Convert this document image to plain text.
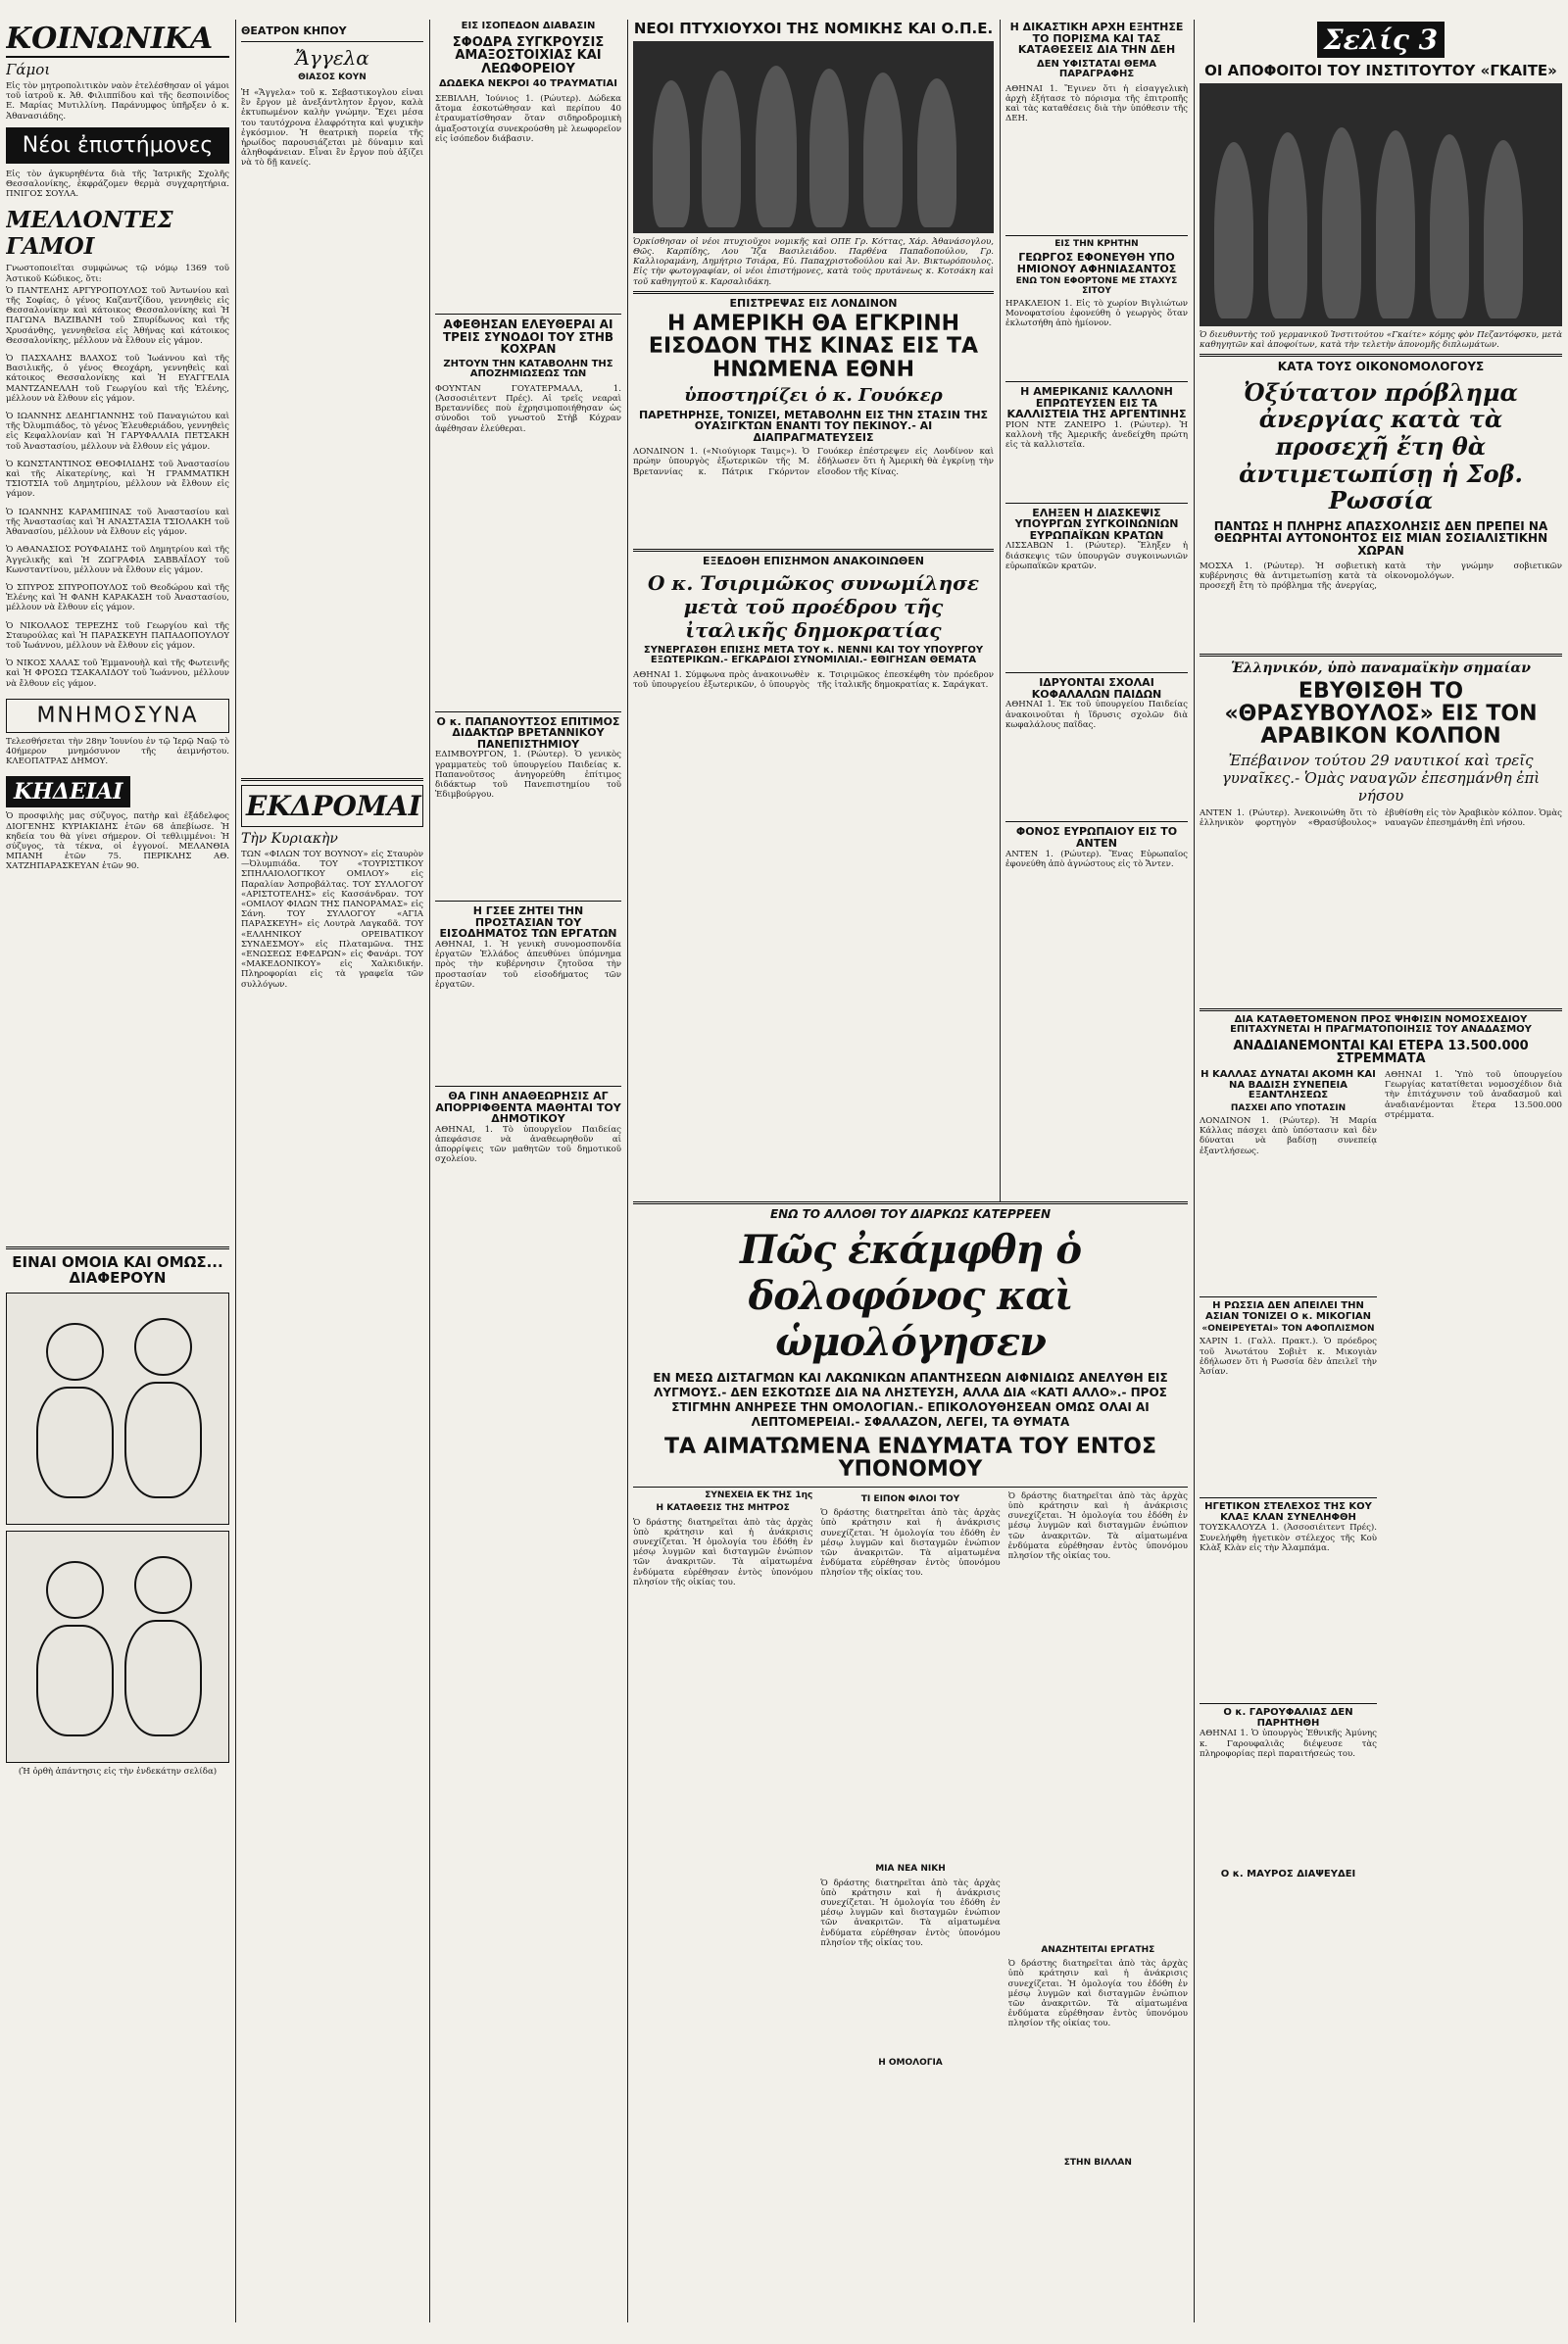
ΚΟΙΝΩΝΙΚΑ

Γάμοι

Εἰς τὸν μητροπολιτικὸν ναὸν ἐτελέσθησαν οἱ γάμοι τοῦ ἰατροῦ κ. Ἀθ. Φιλιππίδου καὶ τῆς δεσποινίδος Ε. Μαρίας Μυτιλλίνη. Παράνυμφος ὑπῆρξεν ὁ κ. Ἀθανασιάδης.

Νέοι ἐπιστήμονες

Εἰς τὸν ἀγκυρηθέντα διὰ τῆς Ἰατρικῆς Σχολῆς Θεσσαλονίκης, ἐκφράζομεν θερμὰ συγχαρητήρια. ΠΝΙΓΟΣ ΣΟΥΛΑ.

ΜΕΛΛΟΝΤΕΣ ΓΑΜΟΙ

Γνωστοποιεῖται συμφώνως τῷ νόμῳ 1369 τοῦ Ἀστικοῦ Κώδικος, ὅτι:

Ὁ ΠΑΝΤΕΛΗΣ ΑΡΓΥΡΟΠΟΥΛΟΣ τοῦ Ἀντωνίου καὶ τῆς Σοφίας, ὁ γένος Καζαντζίδου, γεννηθεὶς εἰς Θεσσαλονίκην καὶ κάτοικος Θεσσαλονίκης καὶ Ἡ ΠΑΓΩΝΑ ΒΑΖΙΒΑΝΗ τοῦ Σπυρίδωνος καὶ τῆς Χρυσάνθης, γεννηθεῖσα εἰς Ἀθήνας καὶ κάτοικος Θεσσαλονίκης, μέλλουν νὰ ἔλθουν εἰς γάμον.

Ὁ ΠΑΣΧΑΛΗΣ ΒΛΑΧΟΣ τοῦ Ἰωάννου καὶ τῆς Βασιλικῆς, ὁ γένος Θεοχάρη, γεννηθεὶς καὶ κάτοικος Θεσσαλονίκης καὶ Ἡ ΕΥΑΓΓΕΛΙΑ ΜΑΝΤΖΑΝΕΛΛΗ τοῦ Γεωργίου καὶ τῆς Ἑλένης, μέλλουν νὰ ἔλθουν εἰς γάμον.

Ὁ ΙΩΑΝΝΗΣ ΔΕΔΗΓΙΑΝΝΗΣ τοῦ Παναγιώτου καὶ τῆς Ὀλυμπιάδος, τὸ γένος Ἐλευθεριάδου, γεννηθεὶς εἰς Κεφαλλονίαν καὶ Ἡ ΓΑΡΥΦΑΛΛΙΑ ΠΕΤΣΑΚΗ τοῦ Ἀναστασίου, μέλλουν νὰ ἔλθουν εἰς γάμον.

Ὁ ΚΩΝΣΤΑΝΤΙΝΟΣ ΘΕΟΦΙΛΙΔΗΣ τοῦ Ἀναστασίου καὶ τῆς Αἰκατερίνης, καὶ Ἡ ΓΡΑΜΜΑΤΙΚΗ ΤΣΙΟΤΣΙΑ τοῦ Δημητρίου, μέλλουν νὰ ἔλθουν εἰς γάμον.

Ὁ ΙΩΑΝΝΗΣ ΚΑΡΑΜΠΙΝΑΣ τοῦ Ἀναστασίου καὶ τῆς Ἀναστασίας καὶ Ἡ ΑΝΑΣΤΑΣΙΑ ΤΣΙΟΛΑΚΗ τοῦ Ἀθανασίου, μέλλουν νὰ ἔλθουν εἰς γάμον.

Ὁ ΑΘΑΝΑΣΙΟΣ ΡΟΥΦΑΙΔΗΣ τοῦ Δημητρίου καὶ τῆς Ἀγγελικῆς καὶ Ἡ ΖΩΓΡΑΦΙΑ ΣΑΒΒΑΪΔΟΥ τοῦ Κωνσταντίνου, μέλλουν νὰ ἔλθουν εἰς γάμον.

Ὁ ΣΠΥΡΟΣ ΣΠΥΡΟΠΟΥΛΟΣ τοῦ Θεοδώρου καὶ τῆς Ἑλένης καὶ Ἡ ΦΑΝΗ ΚΑΡΑΚΑΣΗ τοῦ Ἀναστασίου, μέλλουν νὰ ἔλθουν εἰς γάμον.

Ὁ ΝΙΚΟΛΑΟΣ ΤΕΡΕΖΗΣ τοῦ Γεωργίου καὶ τῆς Σταυρούλας καὶ Ἡ ΠΑΡΑΣΚΕΥΗ ΠΑΠΑΔΟΠΟΥΛΟΥ τοῦ Ἰωάννου, μέλλουν νὰ ἔλθουν εἰς γάμον.

Ὁ ΝΙΚΟΣ ΧΑΛΑΣ τοῦ Ἐμμανουὴλ καὶ τῆς Φωτεινῆς καὶ Ἡ ΦΡΟΣΩ ΤΣΑΚΑΛΙΔΟΥ τοῦ Ἰωάννου, μέλλουν νὰ ἔλθουν εἰς γάμον.

ΜΝΗΜΟΣΥΝΑ

Τελεσθήσεται τὴν 28ην Ἰουνίου ἐν τῷ Ἱερῷ Ναῷ τὸ 40ήμερον μνημόσυνον τῆς ἀειμνήστου. ΚΛΕΟΠΑΤΡΑΣ ΔΗΜΟΥ.

ΚΗΔΕΙΑΙ

Ὁ προσφιλὴς μας σύζυγος, πατὴρ καὶ ἐξάδελφος ΔΙΟΓΕΝΗΣ ΚΥΡΙΑΚΙΔΗΣ ἐτῶν 68 ἀπεβίωσε. Ἡ κηδεία του θὰ γίνει σήμερον. Οἱ τεθλιμμένοι: Ἡ σύζυγος, τὰ τέκνα, οἱ ἐγγονοί. ΜΕΛΑΝΘΙΑ ΜΠΑΝΗ ἐτῶν 75. ΠΕΡΙΚΛΗΣ ΑΘ. ΧΑΤΖΗΠΑΡΑΣΚΕΥΑΝ ἐτῶν 90.

ΕΙΝΑΙ ΟΜΟΙΑ ΚΑΙ ΟΜΩΣ... ΔΙΑΦΕΡΟΥΝ

(Ἡ ὀρθὴ ἀπάντησις εἰς τὴν ἑνδεκάτην σελίδα)

ΘΕΑΤΡΟΝ ΚΗΠΟΥ

Ἄγγελα

ΘΙΑΣΟΣ ΚΟΥΝ

Ἡ «Ἄγγελα» τοῦ κ. Σεβαστικογλου εἶναι ἓν ἔργον μὲ ἀνεξάντλητον ἔργον, καλὰ ἐκτυπωμένον καλὴν γνώμην. Ἔχει μέσα του ταυτόχρονα ἐλαφρότητα καὶ ψυχικὴν ἐγκόσμιον. Ἡ θεατρικὴ πορεία τῆς ἡρωίδος παρουσιάζεται μὲ δύναμιν καὶ ἀληθοφάνειαν. Εἶναι ἓν ἔργον ποὺ ἀξίζει νὰ τὸ δῇ κανείς.

ΕΚΔΡΟΜΑΙ

Τὴν Κυριακὴν

ΤΩΝ «ΦΙΛΩΝ ΤΟΥ ΒΟΥΝΟΥ» εἰς Σταυρὸν—Ὀλυμπιάδα. ΤΟΥ «ΤΟΥΡΙΣΤΙΚΟΥ ΣΠΗΛΑΙΟΛΟΓΙΚΟΥ ΟΜΙΛΟΥ» εἰς Παραλίαν Ἀσπροβάλτας. ΤΟΥ ΣΥΛΛΟΓΟΥ «ΑΡΙΣΤΟΤΕΛΗΣ» εἰς Κασσάνδραν. ΤΟΥ «ΟΜΙΛΟΥ ΦΙΛΩΝ ΤΗΣ ΠΑΝΟΡΑΜΑΣ» εἰς Σάνη. ΤΟΥ ΣΥΛΛΟΓΟΥ «ΑΓΙΑ ΠΑΡΑΣΚΕΥΗ» εἰς Λουτρὰ Λαγκαδᾶ. ΤΟΥ «ΕΛΛΗΝΙΚΟΥ ΟΡΕΙΒΑΤΙΚΟΥ ΣΥΝΔΕΣΜΟΥ» εἰς Πλαταμῶνα. ΤΗΣ «ΕΝΩΣΕΩΣ ΕΦΕΔΡΩΝ» εἰς Φανάρι. ΤΟΥ «ΜΑΚΕΔΟΝΙΚΟΥ» εἰς Χαλκιδικήν. Πληροφορίαι εἰς τὰ γραφεῖα τῶν συλλόγων.

ΕΙΣ ΙΣΟΠΕΔΟΝ ΔΙΑΒΑΣΙΝ

ΣΦΟΔΡΑ ΣΥΓΚΡΟΥΣΙΣ ΑΜΑΞΟΣΤΟΙΧΙΑΣ ΚΑΙ ΛΕΩΦΟΡΕΙΟΥ

ΔΩΔΕΚΑ ΝΕΚΡΟΙ 40 ΤΡΑΥΜΑΤΙΑΙ

ΣΕΒΙΛΛΗ, Ἰούνιος 1. (Ρώυτερ). Δώδεκα ἄτομα ἐσκοτώθησαν καὶ περίπου 40 ἐτραυματίσθησαν ὅταν σιδηροδρομικὴ ἁμαξοστοιχία συνεκρούσθη μὲ λεωφορεῖον εἰς ἰσόπεδον διάβασιν.

ΑΦΕΘΗΣΑΝ ΕΛΕΥΘΕΡΑΙ ΑΙ ΤΡΕΙΣ ΣΥΝΟΔΟΙ ΤΟΥ ΣΤΗΒ ΚΟΧΡΑΝ

ΖΗΤΟΥΝ ΤΗΝ ΚΑΤΑΒΟΛΗΝ ΤΗΣ ΑΠΟΖΗΜΙΩΣΕΩΣ ΤΩΝ

ΦΟΥΝΤΑΝ ΓΟΥΑΤΕΡΜΑΛΛ, 1. (Ἀσσοσιέιτεντ Πρές). Αἱ τρεῖς νεαραὶ Βρεταννίδες ποὺ ἐχρησιμοποιήθησαν ὡς σύνοδοι τοῦ γνωστοῦ Στὴβ Κόχραν ἀφέθησαν ἐλεύθεραι.

Ο κ. ΠΑΠΑΝΟΥΤΣΟΣ ΕΠΙΤΙΜΟΣ ΔΙΔΑΚΤΩΡ ΒΡΕΤΑΝΝΙΚΟΥ ΠΑΝΕΠΙΣΤΗΜΙΟΥ

ΕΔΙΜΒΟΥΡΓΟΝ, 1. (Ρώυτερ). Ὁ γενικὸς γραμματεὺς τοῦ ὑπουργείου Παιδείας κ. Παπανοῦτσος ἀνηγορεύθη ἐπίτιμος διδάκτωρ τοῦ Πανεπιστημίου τοῦ Ἐδιμβούργου.

Η ΓΣΕΕ ΖΗΤΕΙ ΤΗΝ ΠΡΟΣΤΑΣΙΑΝ ΤΟΥ ΕΙΣΟΔΗΜΑΤΟΣ ΤΩΝ ΕΡΓΑΤΩΝ

ΑΘΗΝΑΙ, 1. Ἡ γενικὴ συνομοσπονδία ἐργατῶν Ἑλλάδος ἀπευθύνει ὑπόμνημα πρὸς τὴν κυβέρνησιν ζητοῦσα τὴν προστασίαν τοῦ εἰσοδήματος τῶν ἐργατῶν.

ΘΑ ΓΙΝΗ ΑΝΑΘΕΩΡΗΣΙΣ ΑΓ ΑΠΟΡΡΙΦΘΕΝΤΑ ΜΑΘΗΤΑΙ ΤΟΥ ΔΗΜΟΤΙΚΟΥ

ΑΘΗΝΑΙ, 1. Τὸ ὑπουργεῖον Παιδείας ἀπεφάσισε νὰ ἀναθεωρηθοῦν αἱ ἀπορρίψεις τῶν μαθητῶν τοῦ δημοτικοῦ σχολείου.

ΝΕΟΙ ΠΤΥΧΙΟΥΧΟΙ ΤΗΣ ΝΟΜΙΚΗΣ ΚΑΙ Ο.Π.Ε.

Ὁρκίσθησαν οἱ νέοι πτυχιοῦχοι νομικῆς καὶ ΟΠΕ Γρ. Κόττας, Χάρ. Ἀθανάσογλου, Θῶς. Καρπίδης, Λου Ἴζα Βασιλειάδου. Παρθένα Παπαδοπούλου, Γρ. Καλλιοραμάνη, Δημήτριο Τσιάρα, Εὐ. Παπαχριστοδούλου καὶ Ἀν. Βικτωρόπουλος. Εἰς τὴν φωτογραφίαν, οἱ νέοι ἐπιστήμονες, κατὰ τοὺς πρυτάνεως κ. Κοτσάκη καὶ τοῦ καθηγητοῦ κ. Καρσαλιδάκη.

ΕΠΙΣΤΡΕΨΑΣ ΕΙΣ ΛΟΝΔΙΝΟΝ

Η ΑΜΕΡΙΚΗ ΘΑ ΕΓΚΡΙΝΗ ΕΙΣΟΔΟΝ ΤΗΣ ΚΙΝΑΣ ΕΙΣ ΤΑ ΗΝΩΜΕΝΑ ΕΘΝΗ

ὑποστηρίζει ὁ κ. Γουόκερ

ΠΑΡΕΤΗΡΗΣΕ, ΤΟΝΙΖΕΙ, ΜΕΤΑΒΟΛΗΝ ΕΙΣ ΤΗΝ ΣΤΑΣΙΝ ΤΗΣ ΟΥΑΣΙΓΚΤΩΝ ΕΝΑΝΤΙ ΤΟΥ ΠΕΚΙΝΟΥ.- ΑΙ ΔΙΑΠΡΑΓΜΑΤΕΥΣΕΙΣ

ΛΟΝΔΙΝΟΝ 1. («Νιούγιορκ Ταιμς»). Ὁ πρώην ὑπουργὸς ἐξωτερικῶν τῆς Μ. Βρεταννίας κ. Πάτρικ Γκόρντον Γουόκερ ἐπέστρεψεν εἰς Λονδίνον καὶ ἐδήλωσεν ὅτι ἡ Ἀμερικὴ θὰ ἐγκρίνῃ τὴν εἴσοδον τῆς Κίνας.

ΕΞΕΔΟΘΗ ΕΠΙΣΗΜΟΝ ΑΝΑΚΟΙΝΩΘΕΝ

Ο κ. Τσιριμῶκος συνωμίλησε μετὰ τοῦ προέδρου τῆς ἰταλικῆς δημοκρατίας

ΣΥΝΕΡΓΑΣΘΗ ΕΠΙΣΗΣ ΜΕΤΑ ΤΟΥ κ. ΝΕΝΝΙ ΚΑΙ ΤΟΥ ΥΠΟΥΡΓΟΥ ΕΞΩΤΕΡΙΚΩΝ.- ΕΓΚΑΡΔΙΟΙ ΣΥΝΟΜΙΛΙΑΙ.- ΕΘΙΓΗΣΑΝ ΘΕΜΑΤΑ

ΑΘΗΝΑΙ 1. Σύμφωνα πρὸς ἀνακοινωθὲν τοῦ ὑπουργείου ἐξωτερικῶν, ὁ ὑπουργὸς κ. Τσιριμῶκος ἐπεσκέφθη τὸν πρόεδρον τῆς ἰταλικῆς δημοκρατίας κ. Σαράγκατ.

Η ΔΙΚΑΣΤΙΚΗ ΑΡΧΗ ΕΞΗΤΗΣΕ ΤΟ ΠΟΡΙΣΜΑ ΚΑΙ ΤΑΣ ΚΑΤΑΘΕΣΕΙΣ ΔΙΑ ΤΗΝ ΔΕΗ

ΔΕΝ ΥΦΙΣΤΑΤΑΙ ΘΕΜΑ ΠΑΡΑΓΡΑΦΗΣ

ΑΘΗΝΑΙ 1. Ἔγινεν ὅτι ἡ εἰσαγγελικὴ ἀρχὴ ἐξήτασε τὸ πόρισμα τῆς ἐπιτροπῆς καὶ τὰς καταθέσεις διὰ τὴν ὑπόθεσιν τῆς ΔΕΗ.

ΕΙΣ ΤΗΝ ΚΡΗΤΗΝ

ΓΕΩΡΓΟΣ ΕΦΟΝΕΥΘΗ ΥΠΟ ΗΜΙΟΝΟΥ ΑΦΗΝΙΑΣΑΝΤΟΣ

ΕΝΩ ΤΟΝ ΕΦΟΡΤΟΝΕ ΜΕ ΣΤΑΧΥΣ ΣΙΤΟΥ

ΗΡΑΚΛΕΙΟΝ 1. Εἰς τὸ χωρίον Βιγλιώτων Μονοφατσίου ἐφονεύθη ὁ γεωργὸς ὅταν ἐκλωτσήθη ἀπὸ ἡμίονον.

Η ΑΜΕΡΙΚΑΝΙΣ ΚΑΛΛΟΝΗ ΕΠΡΩΤΕΥΣΕΝ ΕΙΣ ΤΑ ΚΑΛΛΙΣΤΕΙΑ ΤΗΣ ΑΡΓΕΝΤΙΝΗΣ

ΡΙΟΝ ΝΤΕ ΖΑΝΕΙΡΟ 1. (Ρώυτερ). Ἡ καλλονὴ τῆς Ἀμερικῆς ἀνεδείχθη πρώτη εἰς τὰ καλλιστεῖα.

ΕΛΗΞΕΝ Η ΔΙΑΣΚΕΨΙΣ ΥΠΟΥΡΓΩΝ ΣΥΓΚΟΙΝΩΝΙΩΝ ΕΥΡΩΠΑΪΚΩΝ ΚΡΑΤΩΝ

ΛΙΣΣΑΒΩΝ 1. (Ρώυτερ). Ἔληξεν ἡ διάσκεψις τῶν ὑπουργῶν συγκοινωνιῶν εὐρωπαϊκῶν κρατῶν.

ΙΔΡΥΟΝΤΑΙ ΣΧΟΛΑΙ ΚΟΦΑΛΑΛΩΝ ΠΑΙΔΩΝ

ΑΘΗΝΑΙ 1. Ἐκ τοῦ ὑπουργείου Παιδείας ἀνακοινοῦται ἡ ἵδρυσις σχολῶν διὰ κωφαλάλους παῖδας.

ΦΟΝΟΣ ΕΥΡΩΠΑΙΟΥ ΕΙΣ ΤΟ ΑΝΤΕΝ

ΑΝΤΕΝ 1. (Ρώυτερ). Ἕνας Εὐρωπαῖος ἐφονεύθη ἀπὸ ἀγνώστους εἰς τὸ Ἄντεν.

ΕΝΩ ΤΟ ΑΛΛΟΘΙ ΤΟΥ ΔΙΑΡΚΩΣ ΚΑΤΕΡΡΕΕΝ

Πῶς ἐκάμφθη ὁ δολοφόνος καὶ ὡμολόγησεν

ΕΝ ΜΕΣΩ ΔΙΣΤΑΓΜΩΝ ΚΑΙ ΛΑΚΩΝΙΚΩΝ ΑΠΑΝΤΗΣΕΩΝ ΑΙΦΝΙΔΙΩΣ ΑΝΕΛΥΘΗ ΕΙΣ ΛΥΓΜΟΥΣ.- ΔΕΝ ΕΣΚΟΤΩΣΕ ΔΙΑ ΝΑ ΛΗΣΤΕΥΣΗ, ΑΛΛΑ ΔΙΑ «ΚΑΤΙ ΑΛΛΟ».- ΠΡΟΣ ΣΤΙΓΜΗΝ ΑΝΗΡΕΣΕ ΤΗΝ ΟΜΟΛΟΓΙΑΝ.- ΕΠΙΚΟΛΟΥΘΗΣΕΑΝ ΟΜΩΣ ΟΛΑΙ ΑΙ ΛΕΠΤΟΜΕΡΕΙΑΙ.- ΣΦΑΛΑΖΟΝ, ΛΕΓΕΙ, ΤΑ ΘΥΜΑΤΑ

ΤΑ ΑΙΜΑΤΩΜΕΝΑ ΕΝΔΥΜΑΤΑ ΤΟΥ ΕΝΤΟΣ ΥΠΟΝΟΜΟΥ

ΣΥΝΕΧΕΙΑ ΕΚ ΤΗΣ 1ης

Η ΚΑΤΑΘΕΣΙΣ ΤΗΣ ΜΗΤΡΟΣ

Ὁ δράστης διατηρεῖται ἀπὸ τὰς ἀρχὰς ὑπὸ κράτησιν καὶ ἡ ἀνάκρισις συνεχίζεται. Ἡ ὁμολογία του ἐδόθη ἐν μέσῳ λυγμῶν καὶ δισταγμῶν ἐνώπιον τῶν ἀνακριτῶν. Τὰ αἱματωμένα ἐνδύματα εὑρέθησαν ἐντὸς ὑπονόμου πλησίον τῆς οἰκίας του.

ΤΙ ΕΙΠΟΝ ΦΙΛΟΙ ΤΟΥ

Ὁ δράστης διατηρεῖται ἀπὸ τὰς ἀρχὰς ὑπὸ κράτησιν καὶ ἡ ἀνάκρισις συνεχίζεται. Ἡ ὁμολογία του ἐδόθη ἐν μέσῳ λυγμῶν καὶ δισταγμῶν ἐνώπιον τῶν ἀνακριτῶν. Τὰ αἱματωμένα ἐνδύματα εὑρέθησαν ἐντὸς ὑπονόμου πλησίον τῆς οἰκίας του.

ΜΙΑ ΝΕΑ ΝΙΚΗ

Ὁ δράστης διατηρεῖται ἀπὸ τὰς ἀρχὰς ὑπὸ κράτησιν καὶ ἡ ἀνάκρισις συνεχίζεται. Ἡ ὁμολογία του ἐδόθη ἐν μέσῳ λυγμῶν καὶ δισταγμῶν ἐνώπιον τῶν ἀνακριτῶν. Τὰ αἱματωμένα ἐνδύματα εὑρέθησαν ἐντὸς ὑπονόμου πλησίον τῆς οἰκίας του.

Η ΟΜΟΛΟΓΙΑ

Ὁ δράστης διατηρεῖται ἀπὸ τὰς ἀρχὰς ὑπὸ κράτησιν καὶ ἡ ἀνάκρισις συνεχίζεται. Ἡ ὁμολογία του ἐδόθη ἐν μέσῳ λυγμῶν καὶ δισταγμῶν ἐνώπιον τῶν ἀνακριτῶν. Τὰ αἱματωμένα ἐνδύματα εὑρέθησαν ἐντὸς ὑπονόμου πλησίον τῆς οἰκίας του.

ΑΝΑΖΗΤΕΙΤΑΙ ΕΡΓΑΤΗΣ

Ὁ δράστης διατηρεῖται ἀπὸ τὰς ἀρχὰς ὑπὸ κράτησιν καὶ ἡ ἀνάκρισις συνεχίζεται. Ἡ ὁμολογία του ἐδόθη ἐν μέσῳ λυγμῶν καὶ δισταγμῶν ἐνώπιον τῶν ἀνακριτῶν. Τὰ αἱματωμένα ἐνδύματα εὑρέθησαν ἐντὸς ὑπονόμου πλησίον τῆς οἰκίας του.

ΣΤΗΝ ΒΙΛΛΑΝ

Σελίς 3

ΟΙ ΑΠΟΦΟΙΤΟΙ ΤΟΥ ΙΝΣΤΙΤΟΥΤΟΥ «ΓΚΑΙΤΕ»

Ὁ διευθυντὴς τοῦ γερμανικοῦ Ἰνστιτούτου «Γκαίτε» κόμης φὸν Πεζαντόφσκυ, μετὰ καθηγητῶν καὶ ἀποφοίτων, κατὰ τὴν τελετὴν ἀπονομῆς διπλωμάτων.

ΚΑΤΑ ΤΟΥΣ ΟΙΚΟΝΟΜΟΛΟΓΟΥΣ

Ὀξύτατον πρόβλημα ἀνεργίας κατὰ τὰ προσεχῆ ἔτη θὰ ἀντιμετωπίσῃ ἡ Σοβ. Ρωσσία

ΠΑΝΤΩΣ Η ΠΛΗΡΗΣ ΑΠΑΣΧΟΛΗΣΙΣ ΔΕΝ ΠΡΕΠΕΙ ΝΑ ΘΕΩΡΗΤΑΙ ΑΥΤΟΝΟΗΤΟΣ ΕΙΣ ΜΙΑΝ ΣΟΣΙΑΛΙΣΤΙΚΗΝ ΧΩΡΑΝ

ΜΟΣΧΑ 1. (Ρώυτερ). Ἡ σοβιετικὴ κυβέρνησις θὰ ἀντιμετωπίσῃ κατὰ τὰ προσεχῆ ἔτη τὸ πρόβλημα τῆς ἀνεργίας, κατὰ τὴν γνώμην σοβιετικῶν οἰκονομολόγων.

Ἑλληνικόν, ὑπὸ παναμαϊκὴν σημαίαν

ΕΒΥΘΙΣΘΗ ΤΟ «ΘΡΑΣΥΒΟΥΛΟΣ» ΕΙΣ ΤΟΝ ΑΡΑΒΙΚΟΝ ΚΟΛΠΟΝ

Ἐπέβαινον τούτου 29 ναυτικοί καὶ τρεῖς γυναῖκες.- Ὁμὰς ναυαγῶν ἐπεσημάνθη ἐπὶ νήσου

ΑΝΤΕΝ 1. (Ρώυτερ). Ἀνεκοινώθη ὅτι τὸ ἑλληνικὸν φορτηγὸν «Θρασύβουλος» ἐβυθίσθη εἰς τὸν Ἀραβικὸν κόλπον. Ὁμὰς ναυαγῶν ἐπεσημάνθη ἐπὶ νήσου.

ΔΙΑ ΚΑΤΑΘΕΤΟΜΕΝΟΝ ΠΡΟΣ ΨΗΦΙΣΙΝ ΝΟΜΟΣΧΕΔΙΟΥ ΕΠΙΤΑΧΥΝΕΤΑΙ Η ΠΡΑΓΜΑΤΟΠΟΙΗΣΙΣ ΤΟΥ ΑΝΑΔΑΣΜΟΥ

ΑΝΑΔΙΑΝΕΜΟΝΤΑΙ ΚΑΙ ΕΤΕΡΑ 13.500.000 ΣΤΡΕΜΜΑΤΑ

Η ΚΑΛΛΑΣ ΔΥΝΑΤΑΙ ΑΚΟΜΗ ΚΑΙ ΝΑ ΒΑΔΙΣΗ ΣΥΝΕΠΕΙΑ ΕΞΑΝΤΛΗΣΕΩΣ

ΠΑΣΧΕΙ ΑΠΟ ΥΠΟΤΑΣΙΝ

ΛΟΝΔΙΝΟΝ 1. (Ρώυτερ). Ἡ Μαρία Κάλλας πάσχει ἀπὸ ὑπόστασιν καὶ δὲν δύναται νὰ βαδίσῃ συνεπείᾳ ἐξαντλήσεως.

Η ΡΩΣΣΙΑ ΔΕΝ ΑΠΕΙΛΕΙ ΤΗΝ ΑΣΙΑΝ ΤΟΝΙΖΕΙ Ο κ. ΜΙΚΟΓΙΑΝ

«ΟΝΕΙΡΕΥΕΤΑΙ» ΤΟΝ ΑΦΟΠΛΙΣΜΟΝ

ΧΑΡΙΝ 1. (Γαλλ. Πρακτ.). Ὁ πρόεδρος τοῦ Ἀνωτάτου Σοβιὲτ κ. Μικογιὰν ἐδήλωσεν ὅτι ἡ Ρωσσία δὲν ἀπειλεῖ τὴν Ἀσίαν.

ΗΓΕΤΙΚΟΝ ΣΤΕΛΕΧΟΣ ΤΗΣ ΚΟΥ ΚΛΑΞ ΚΛΑΝ ΣΥΝΕΛΗΦΘΗ

ΤΟΥΣΚΑΛΟΥΖΑ 1. (Ἀσσοσιέιτεντ Πρές). Συνελήφθη ἡγετικὸν στέλεχος τῆς Κοὺ Κλὰξ Κλὰν εἰς τὴν Ἀλαμπάμα.

Ο κ. ΓΑΡΟΥΦΑΛΙΑΣ ΔΕΝ ΠΑΡΗΤΗΘΗ

ΑΘΗΝΑΙ 1. Ὁ ὑπουργὸς Ἐθνικῆς Ἀμύνης κ. Γαρουφαλιᾶς διέψευσε τὰς πληροφορίας περὶ παραιτήσεώς του.

Ο κ. ΜΑΥΡΟΣ ΔΙΑΨΕΥΔΕΙ

ΑΘΗΝΑΙ 1. Ὑπὸ τοῦ ὑπουργείου Γεωργίας κατατίθεται νομοσχέδιον διὰ τὴν ἐπιτάχυνσιν τοῦ ἀναδασμοῦ καὶ ἀναδιανέμονται ἕτερα 13.500.000 στρέμματα.
